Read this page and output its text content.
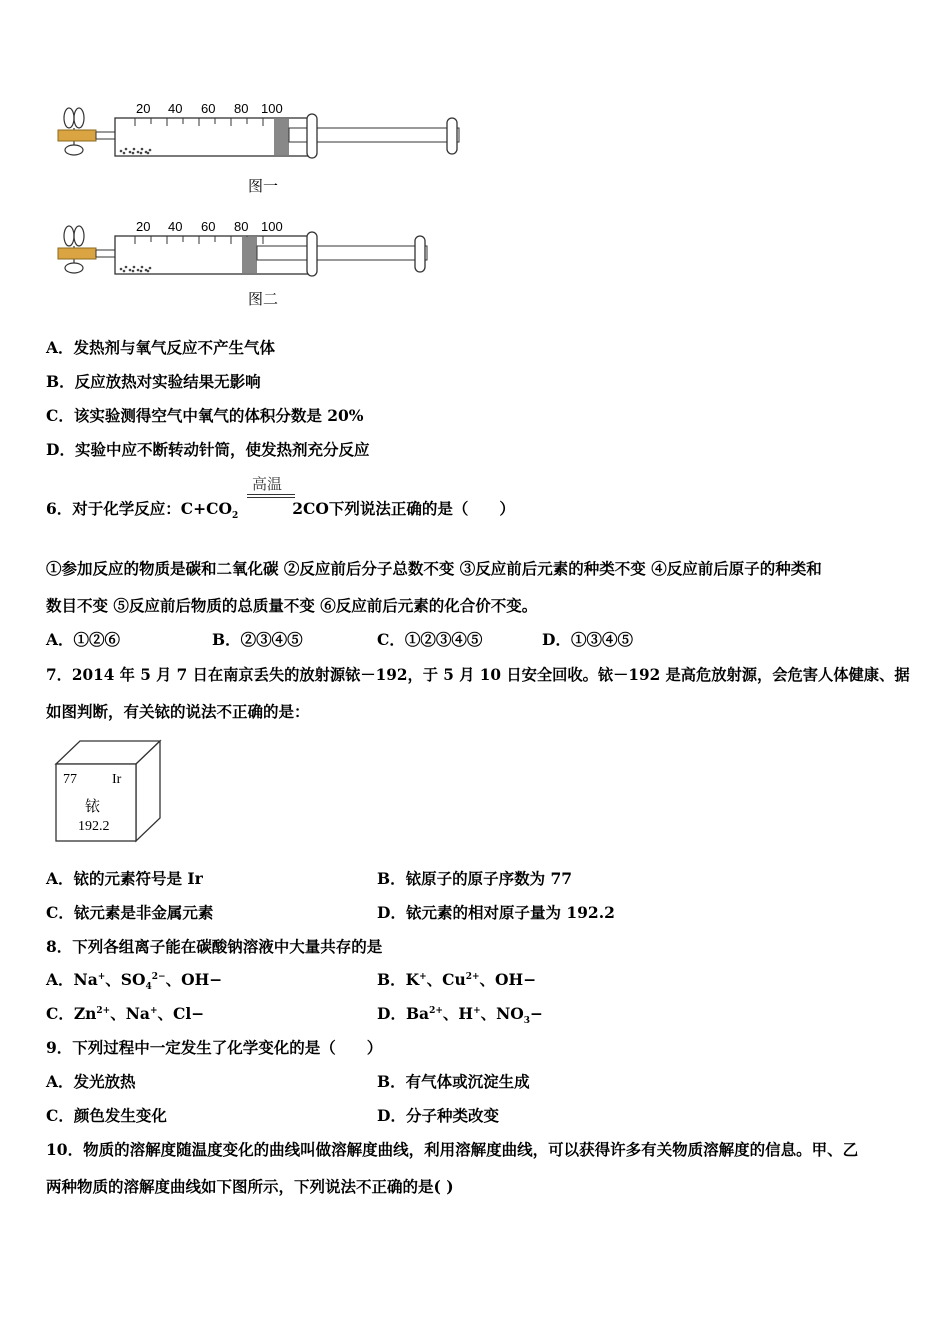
20 40 60 80 100
图一
20 40 60 80 100
图二
A．发热剂与氧气反应不产生气体
B．反应放热对实验结果无影响
C．该实验测得空气中氧气的体积分数是 20%
D．实验中应不断转动针筒，使发热剂充分反应
6．对于化学反应：$C+CO_2$	2CO下列说法正确的是（　　）
高温
①参加反应的物质是碳和二氧化碳 ②反应前后分子总数不变 ③反应前后元素的种类不变 ④反应前后原子的种类和
数目不变 ⑤反应前后物质的总质量不变 ⑥反应前后元素的化合价不变。
A．①②⑥	B．②③④⑤	C．①②③④⑤	D．①③④⑤
7．2014 年 5 月 7 日在南京丢失的放射源铱－192，于 5 月 10 日安全回收。铱－192 是高危放射源，会危害人体健康、据
如图判断，有关铱的说法不正确的是：
77	Ir
铱
192.2
A．铱的元素符号是 Ir	B．铱原子的原子序数为 77
C．铱元素是非金属元素	D．铱元素的相对原子量为 192.2
8．下列各组离子能在碳酸钠溶液中大量共存的是
A．Na+、$SO_4^{2-}$、OH−	B．K+、$Cu^{2+}$、OH−
C．$Zn^{2+}$、Na+、Cl−	D．$Ba^{2+}$、H+、$NO_3-$
9．下列过程中一定发生了化学变化的是（　　）
A．发光放热	B．有气体或沉淀生成
C．颜色发生变化	D．分子种类改变
10．物质的溶解度随温度变化的曲线叫做溶解度曲线，利用溶解度曲线，可以获得许多有关物质溶解度的信息。甲、乙
两种物质的溶解度曲线如下图所示，下列说法不正确的是( )
